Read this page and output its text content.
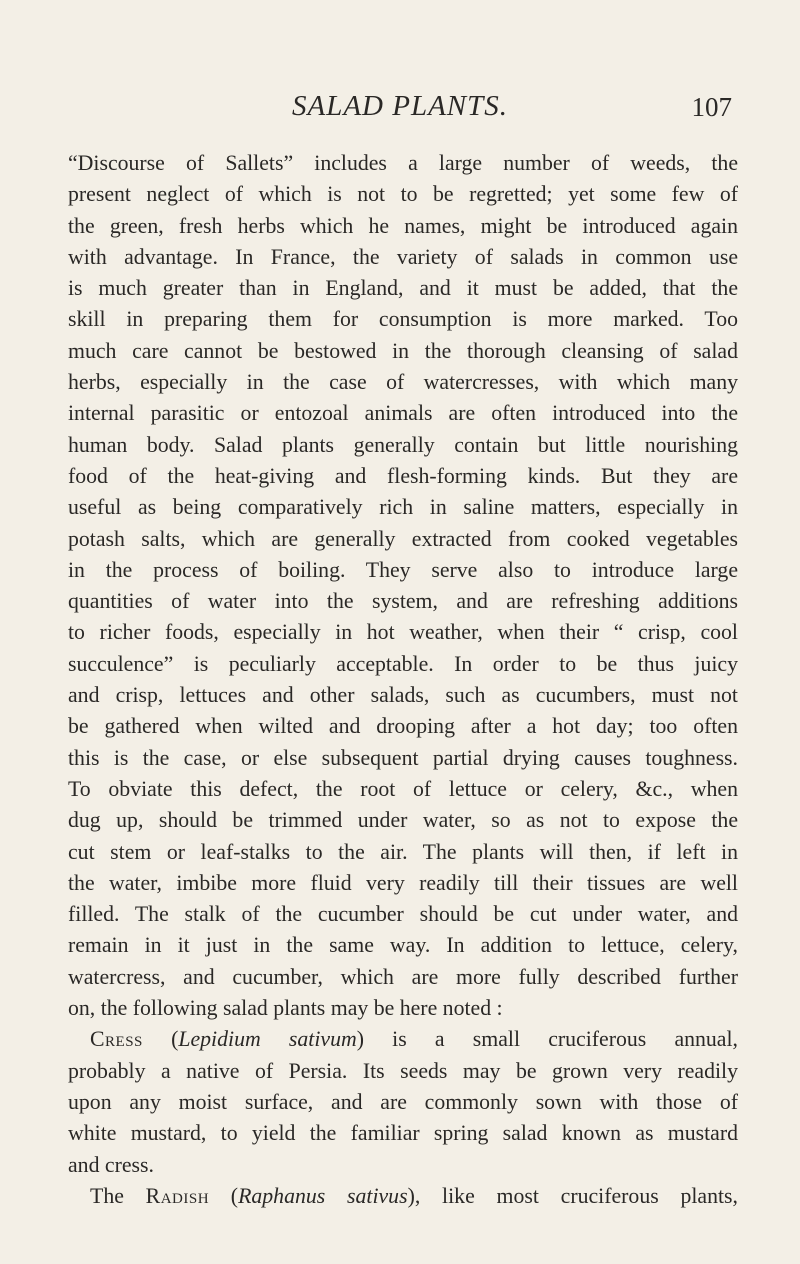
SALAD PLANTS.	107
“Discourse of Sallets” includes a large number of weeds, the
present neglect of which is not to be regretted; yet some few of
the green, fresh herbs which he names, might be introduced again
with advantage. In France, the variety of salads in common use
is much greater than in England, and it must be added, that the
skill in preparing them for consumption is more marked. Too
much care cannot be bestowed in the thorough cleansing of salad
herbs, especially in the case of watercresses, with which many
internal parasitic or entozoal animals are often introduced into the
human body. Salad plants generally contain but little nourishing
food of the heat-giving and flesh-forming kinds. But they are
useful as being comparatively rich in saline matters, especially in
potash salts, which are generally extracted from cooked vegetables
in the process of boiling. They serve also to introduce large
quantities of water into the system, and are refreshing additions
to richer foods, especially in hot weather, when their “ crisp, cool
succulence” is peculiarly acceptable. In order to be thus juicy
and crisp, lettuces and other salads, such as cucumbers, must not
be gathered when wilted and drooping after a hot day; too often
this is the case, or else subsequent partial drying causes toughness.
To obviate this defect, the root of lettuce or celery, &c., when
dug up, should be trimmed under water, so as not to expose the
cut stem or leaf-stalks to the air. The plants will then, if left in
the water, imbibe more fluid very readily till their tissues are well
filled. The stalk of the cucumber should be cut under water, and
remain in it just in the same way. In addition to lettuce, celery,
watercress, and cucumber, which are more fully described further
on, the following salad plants may be here noted :
Cress (Lepidium sativum) is a small cruciferous annual,
probably a native of Persia. Its seeds may be grown very readily
upon any moist surface, and are commonly sown with those of
white mustard, to yield the familiar spring salad known as mustard
and cress.
The Radish (Raphanus sativus), like most cruciferous plants,
